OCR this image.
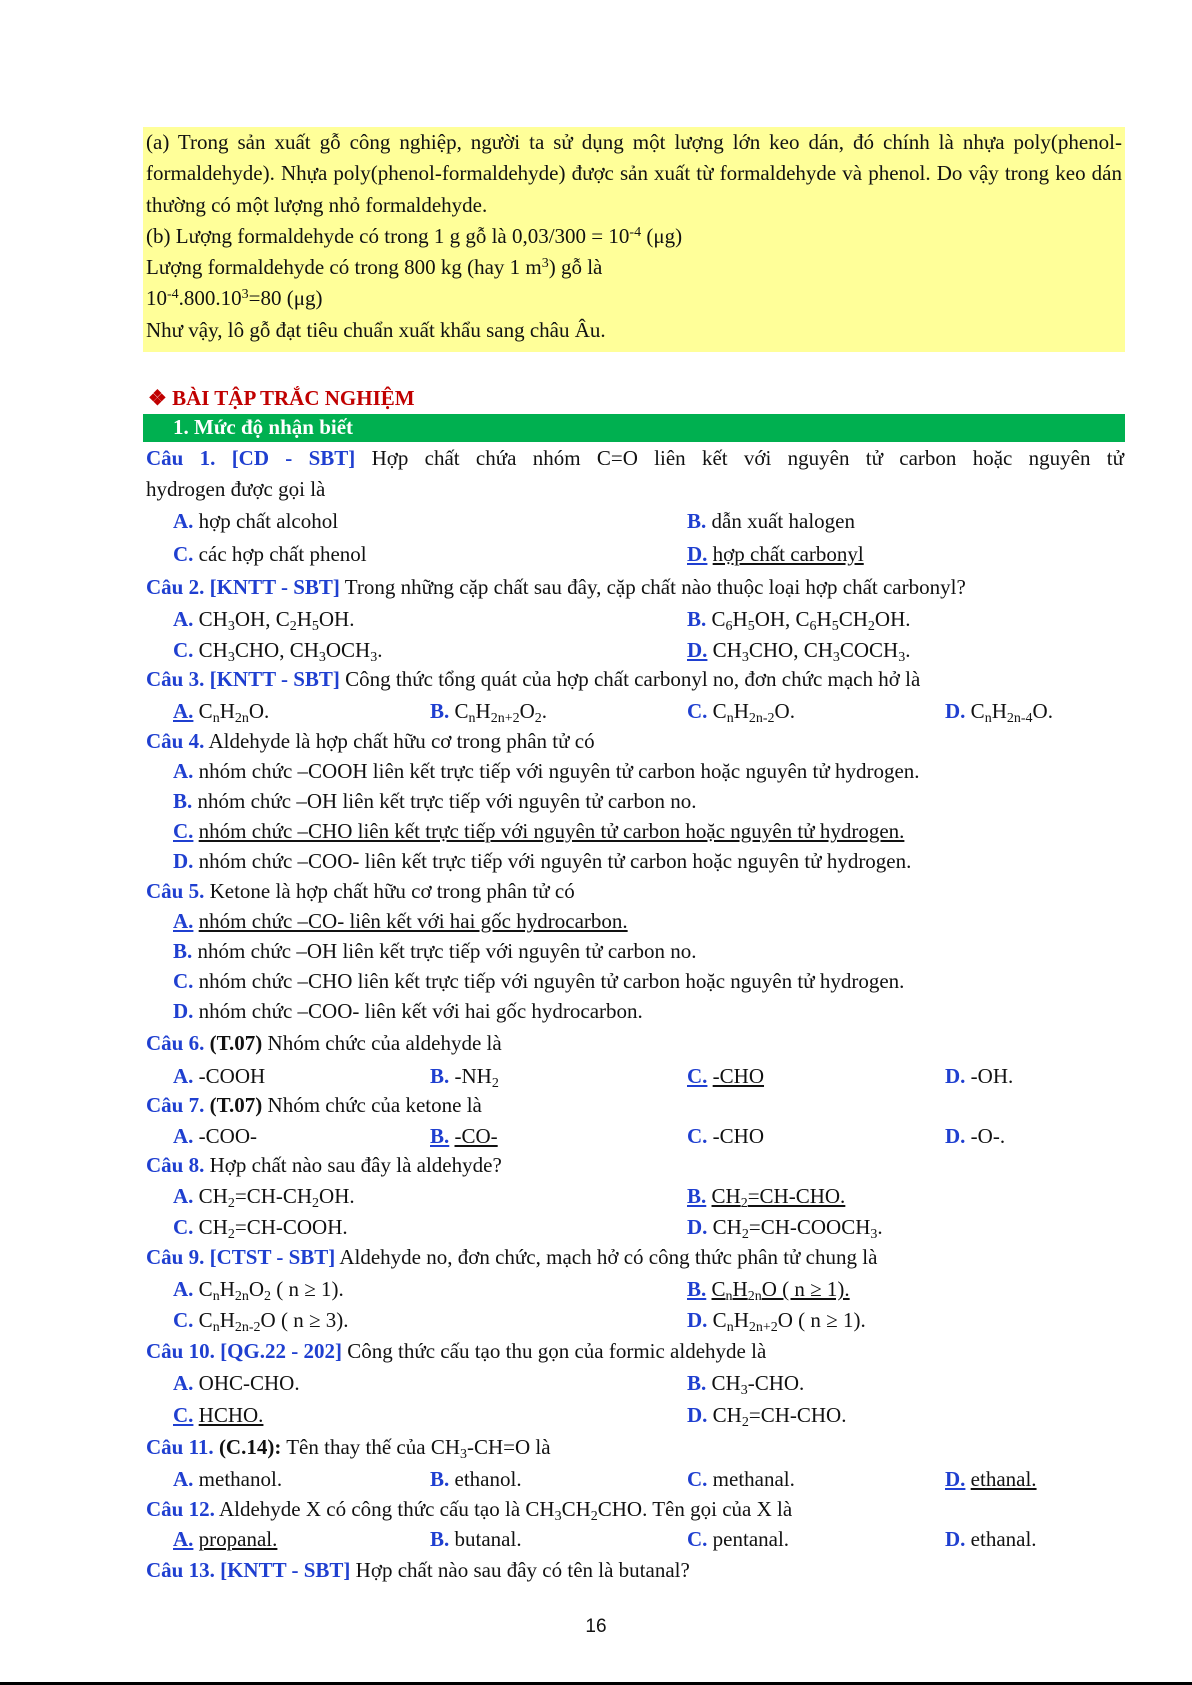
(a) Trong sản xuất gỗ công nghiệp, người ta sử dụng một lượng lớn keo dán, đó chính là nhựa poly(phenol-formaldehyde). Nhựa poly(phenol-formaldehyde) được sản xuất từ formaldehyde và phenol. Do vậy trong keo dán thường có một lượng nhỏ formaldehyde.

(b) Lượng formaldehyde có trong 1 g gỗ là $0,03/300 = 10^{-4}$ (μg)

Lượng formaldehyde có trong 800 kg (hay 1 $m^3$) gỗ là

$10^{-4}.800.10^3=80$ (μg)

Như vậy, lô gỗ đạt tiêu chuẩn xuất khẩu sang châu Âu.

❖ BÀI TẬP TRẮC NGHIỆM
1. Mức độ nhận biết
Câu 1. [CD - SBT] Hợp chất chứa nhóm C=O liên kết với nguyên tử carbon hoặc nguyên tử
hydrogen được gọi là
A. hợp chất alcohol	B. dẫn xuất halogen
C. các hợp chất phenol	D. hợp chất carbonyl
Câu 2. [KNTT - SBT] Trong những cặp chất sau đây, cặp chất nào thuộc loại hợp chất carbonyl?
A. $CH_3OH$, $C_2H_5OH$.	B. $C_6H_5OH$, $C_6H_5CH_2OH$.
C. $CH_3CHO$, $CH_3OCH_3$.	D. $CH_3CHO$, $CH_3COCH_3$.
Câu 3. [KNTT - SBT] Công thức tổng quát của hợp chất carbonyl no, đơn chức mạch hở là
A. $C_nH_{2n}O$.	B. $C_nH_{2n+2}O_2$.	C. $C_nH_{2n-2}O$.	D. $C_nH_{2n-4}O$.
Câu 4. Aldehyde là hợp chất hữu cơ trong phân tử có
A. nhóm chức –COOH liên kết trực tiếp với nguyên tử carbon hoặc nguyên tử hydrogen.
B. nhóm chức –OH liên kết trực tiếp với nguyên tử carbon no.
C. nhóm chức –CHO liên kết trực tiếp với nguyên tử carbon hoặc nguyên tử hydrogen.
D. nhóm chức –COO- liên kết trực tiếp với nguyên tử carbon hoặc nguyên tử hydrogen.
Câu 5. Ketone là hợp chất hữu cơ trong phân tử có
A. nhóm chức –CO- liên kết với hai gốc hydrocarbon.
B. nhóm chức –OH liên kết trực tiếp với nguyên tử carbon no.
C. nhóm chức –CHO liên kết trực tiếp với nguyên tử carbon hoặc nguyên tử hydrogen.
D. nhóm chức –COO- liên kết với hai gốc hydrocarbon.
Câu 6. (T.07) Nhóm chức của aldehyde là
A. -COOH	B. $-NH_2$	C. -CHO	D. -OH.
Câu 7. (T.07) Nhóm chức của ketone là
A. -COO-	B. -CO-	C. -CHO	D. -O-.
Câu 8. Hợp chất nào sau đây là aldehyde?
A. $CH_2=CH-CH_2OH$.	B. $CH_2=CH$-CHO.
C. $CH_2=CH$-COOH.	D. $CH_2=CH-COOCH_3$.
Câu 9. [CTST - SBT] Aldehyde no, đơn chức, mạch hở có công thức phân tử chung là
A. $C_nH_{2n}O_2$ ( n ≥ 1).	B. $C_nH_{2n}O$ ( n ≥ 1).
C. $C_nH_{2n-2}O$ ( n ≥ 3).	D. $C_nH_{2n+2}O$ ( n ≥ 1).
Câu 10. [QG.22 - 202] Công thức cấu tạo thu gọn của formic aldehyde là
A. OHC-CHO.	B. $CH_3$-CHO.
C. HCHO.	D. $CH_2=CH$-CHO.
Câu 11. (C.14): Tên thay thế của $CH_3-CH=O$ là
A. methanol.	B. ethanol.	C. methanal.	D. ethanal.
Câu 12. Aldehyde X có công thức cấu tạo là $CH_3CH_2CHO$. Tên gọi của X là
A. propanal.	B. butanal.	C. pentanal.	D. ethanal.
Câu 13. [KNTT - SBT] Hợp chất nào sau đây có tên là butanal?
16
